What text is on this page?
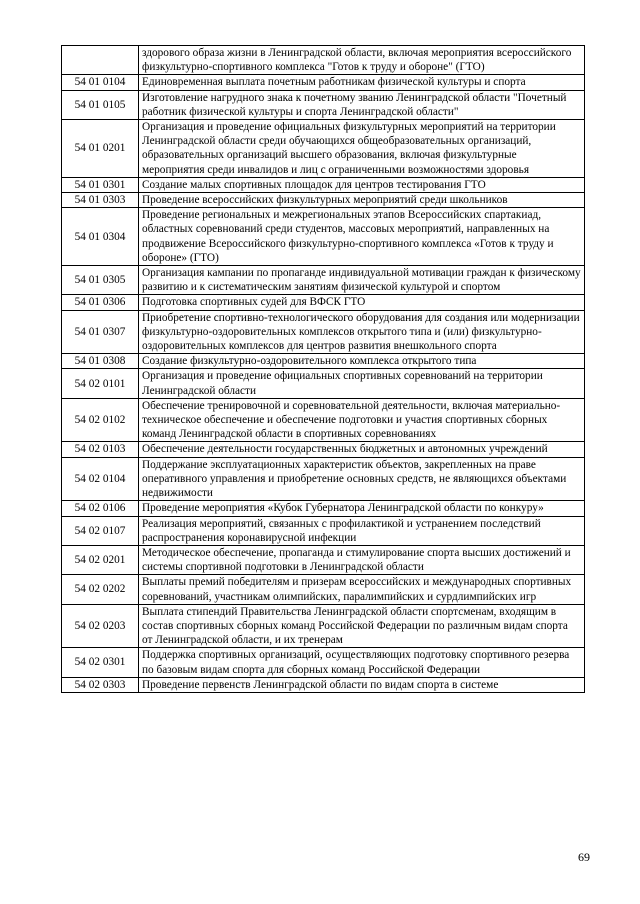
	здорового образа жизни в Ленинградской области, включая мероприятия всероссийского физкультурно-спортивного комплекса "Готов к труду и обороне" (ГТО)
54 01 0104	Единовременная выплата почетным работникам физической культуры и спорта
54 01 0105	Изготовление нагрудного знака к почетному званию Ленинградской области "Почетный работник физической культуры и спорта Ленинградской области"
54 01 0201	Организация и проведение официальных физкультурных мероприятий на территории Ленинградской области среди обучающихся общеобразовательных организаций, образовательных организаций высшего образования, включая физкультурные мероприятия среди инвалидов и лиц с ограниченными возможностями здоровья
54 01 0301	Создание малых спортивных площадок для центров тестирования ГТО
54 01 0303	Проведение всероссийских физкультурных мероприятий среди школьников
54 01 0304	Проведение региональных и межрегиональных этапов Всероссийских спартакиад, областных соревнований среди студентов, массовых мероприятий, направленных на продвижение Всероссийского физкультурно-спортивного комплекса «Готов к труду и обороне» (ГТО)
54 01 0305	Организация кампании по пропаганде индивидуальной мотивации граждан к физическому развитию и к систематическим занятиям физической культурой и спортом
54 01 0306	Подготовка спортивных судей для ВФСК ГТО
54 01 0307	Приобретение спортивно-технологического оборудования для создания или модернизации физкультурно-оздоровительных комплексов открытого типа и (или) физкультурно-оздоровительных комплексов для центров развития внешкольного спорта
54 01 0308	Создание физкультурно-оздоровительного комплекса открытого типа
54 02 0101	Организация и проведение официальных спортивных соревнований на территории Ленинградской области
54 02 0102	Обеспечение тренировочной и соревновательной деятельности, включая материально-техническое обеспечение и обеспечение подготовки и участия спортивных сборных команд Ленинградской области в спортивных соревнованиях
54 02 0103	Обеспечение деятельности государственных бюджетных и автономных учреждений
54 02 0104	Поддержание эксплуатационных характеристик объектов, закрепленных на праве оперативного управления и приобретение основных средств, не являющихся объектами недвижимости
54 02 0106	Проведение мероприятия «Кубок Губернатора Ленинградской области по конкуру»
54 02 0107	Реализация мероприятий, связанных с профилактикой и устранением последствий распространения коронавирусной инфекции
54 02 0201	Методическое обеспечение, пропаганда и стимулирование спорта высших достижений и системы спортивной подготовки в Ленинградской области
54 02 0202	Выплаты премий победителям и призерам всероссийских и международных спортивных соревнований, участникам олимпийских, паралимпийских и сурдлимпийских игр
54 02 0203	Выплата стипендий Правительства Ленинградской области спортсменам, входящим в состав спортивных сборных команд Российской Федерации по различным видам спорта от Ленинградской области, и их тренерам
54 02 0301	Поддержка спортивных организаций, осуществляющих подготовку спортивного резерва по базовым видам спорта для сборных команд Российской Федерации
54 02 0303	Проведение первенств Ленинградской области по видам спорта в системе
69
